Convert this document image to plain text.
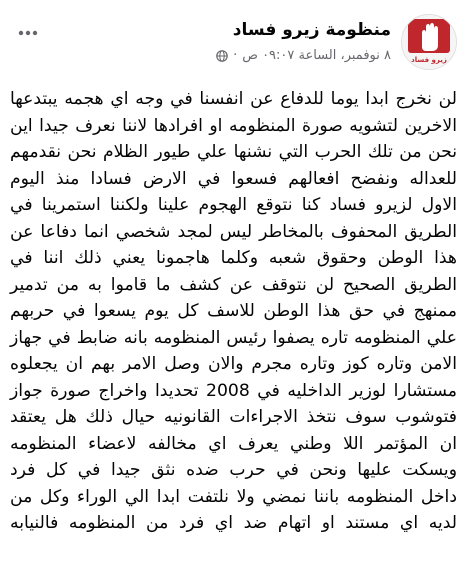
زيرو فساد
منظومة زيرو فساد
٨ نوفمبر، الساعة ٠٩:٠٧ ص
·
لن نخرج ابدا يوما للدفاع عن انفسنا في وجه اي هجمه يبتدعها
الاخرين لتشويه صورة المنظومه او افرادها لاننا نعرف جيدا اين
نحن من تلك الحرب التي نشنها علي طيور الظلام نحن نقدمهم
للعداله ونفضح افعالهم فسعوا في الارض فسادا منذ اليوم
الاول لزيرو فساد كنا نتوقع الهجوم علينا ولكننا استمرينا في
الطريق المحفوف بالمخاطر ليس لمجد شخصي انما دفاعا عن
هذا الوطن وحقوق شعبه وكلما هاجمونا يعني ذلك اننا في
الطريق الصحيح لن نتوقف عن كشف ما قاموا به من تدمير
ممنهج في حق هذا الوطن للاسف كل يوم يسعوا في حربهم
علي المنظومه تاره يصفوا رئيس المنظومه بانه ضابط في جهاز
الامن وتاره كوز وتاره مجرم والان وصل الامر بهم ان يجعلوه
مستشارا لوزير الداخليه في 2008 تحديدا واخراج صورة جواز
فتوشوب سوف نتخذ الاجراءات القانونيه حيال ذلك هل يعتقد
ان المؤتمر اللا وطني يعرف اي مخالفه لاعضاء المنظومه
ويسكت عليها ونحن في حرب ضده نثق جيدا في كل فرد
داخل المنظومه باننا نمضي ولا نلتفت ابدا الي الوراء وكل من
لديه اي مستند او اتهام ضد اي فرد من المنظومه فالنيابه
